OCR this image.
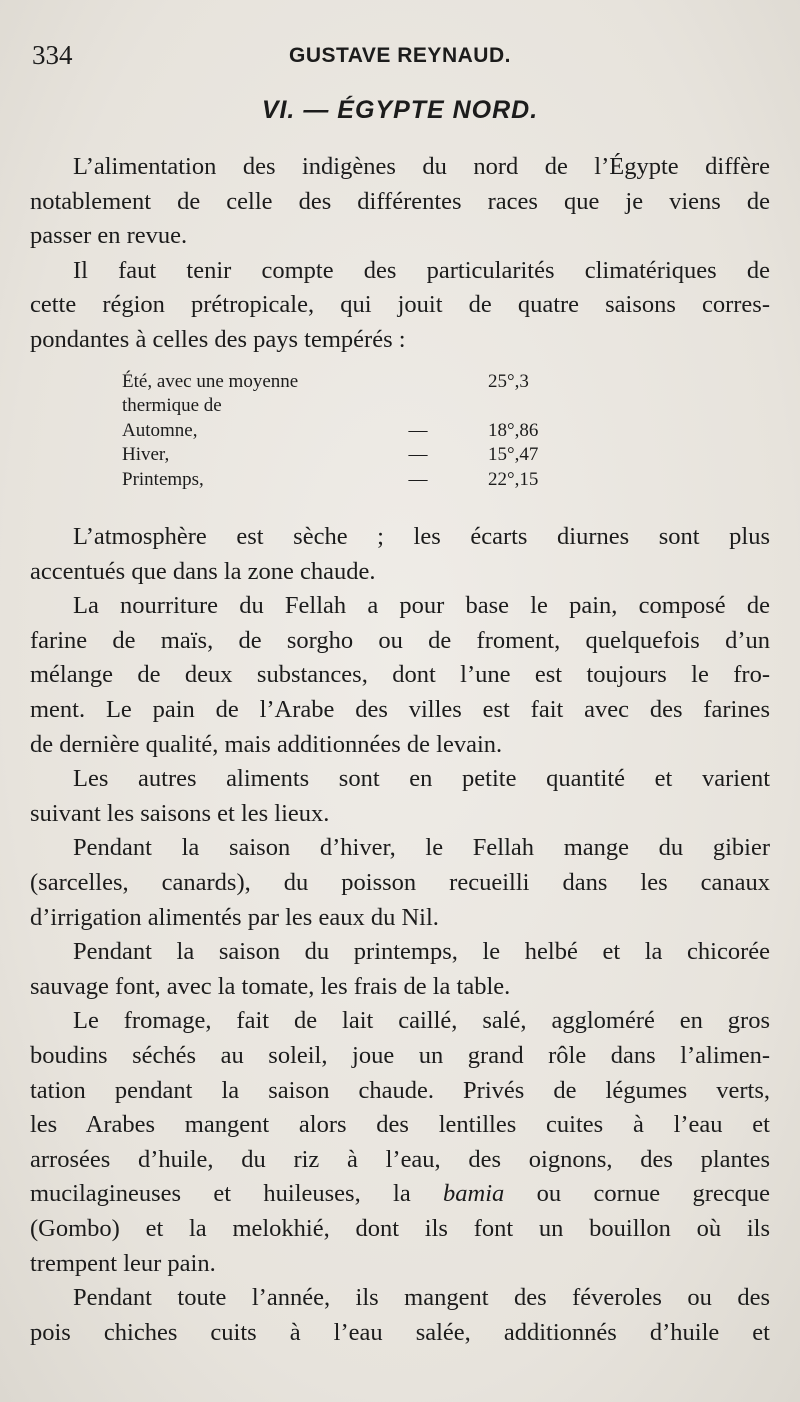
334	GUSTAVE REYNAUD.
VI. — ÉGYPTE NORD.

L’alimentation des indigènes du nord de l’Égypte diffère
notablement de celle des différentes races que je viens de
passer en revue.

Il faut tenir compte des particularités climatériques de
cette région prétropicale, qui jouit de quatre saisons corres-
pondantes à celles des pays tempérés :

Été, avec une moyenne thermique de		25°,3
Automne,	—	18°,86
Hiver,	—	15°,47
Printemps,	—	22°,15

L’atmosphère est sèche ; les écarts diurnes sont plus
accentués que dans la zone chaude.

La nourriture du Fellah a pour base le pain, composé de
farine de maïs, de sorgho ou de froment, quelquefois d’un
mélange de deux substances, dont l’une est toujours le fro-
ment. Le pain de l’Arabe des villes est fait avec des farines
de dernière qualité, mais additionnées de levain.

Les autres aliments sont en petite quantité et varient
suivant les saisons et les lieux.

Pendant la saison d’hiver, le Fellah mange du gibier
(sarcelles, canards), du poisson recueilli dans les canaux
d’irrigation alimentés par les eaux du Nil.

Pendant la saison du printemps, le helbé et la chicorée
sauvage font, avec la tomate, les frais de la table.

Le fromage, fait de lait caillé, salé, aggloméré en gros
boudins séchés au soleil, joue un grand rôle dans l’alimen-
tation pendant la saison chaude. Privés de légumes verts,
les Arabes mangent alors des lentilles cuites à l’eau et
arrosées d’huile, du riz à l’eau, des oignons, des plantes
mucilagineuses et huileuses, la bamia ou cornue grecque
(Gombo) et la melokhié, dont ils font un bouillon où ils
trempent leur pain.

Pendant toute l’année, ils mangent des féveroles ou des
pois chiches cuits à l’eau salée, additionnés d’huile et
